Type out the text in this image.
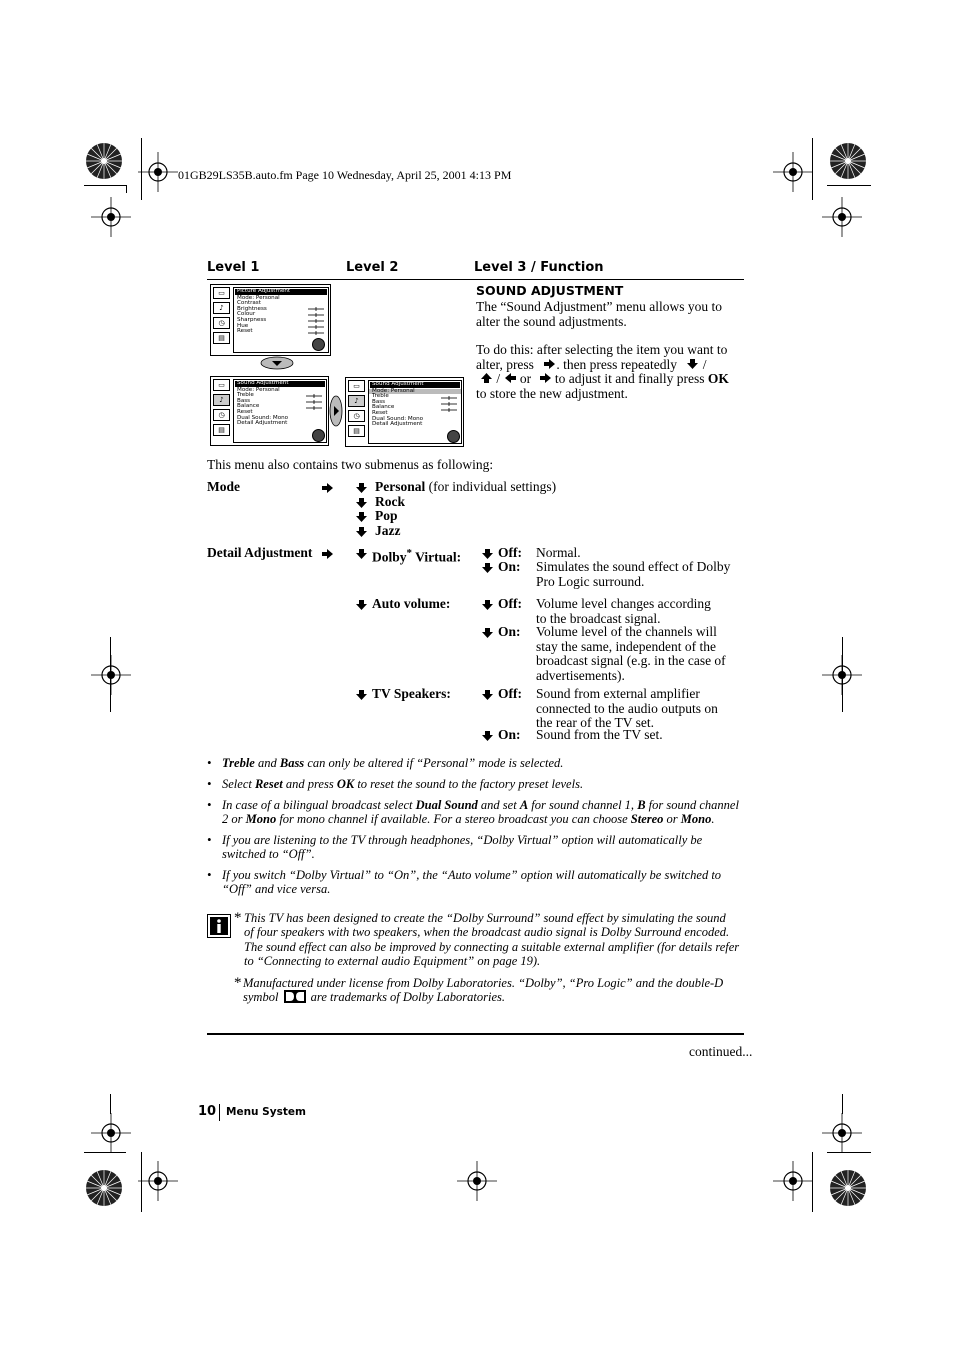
01GB29LS35B.auto.fm Page 10 Wednesday, April 25, 2001 4:13 PM
Level 1	Level 2	Level 3 / Function
▭
♪
◷
▤
Picture Adjustment
Mode: Personal
Contrast
Brightness
Colour
Sharpness
Hue
Reset
▭
♪
◷
▤
Sound Adjustment
Mode: Personal
Treble
Bass
Balance
Reset
Dual Sound: Mono
Detail Adjustment
▭
♪
◷
▤
Sound Adjustment
Mode: Personal
Treble
Bass
Balance
Reset
Dual Sound: Mono
Detail Adjustment
SOUND ADJUSTMENT
The “Sound Adjustment” menu allows you to alter the sound adjustments.
To do this: after selecting the item you want to
alter, press . then press repeatedly /
/ or to adjust it and finally press OK
to store the new adjustment.
This menu also contains two submenus as following:
Mode	Personal (for individual settings)
Rock
Pop
Jazz
Detail Adjustment	Dolby* Virtual:	Off: Normal.
On: Simulates the sound effect of Dolby
Pro Logic surround.
Auto volume:	Off: Volume level changes according
to the broadcast signal.
On: Volume level of the channels will
stay the same, independent of the
broadcast signal (e.g. in the case of
advertisements).
TV Speakers:	Off: Sound from external amplifier
connected to the audio outputs on
the rear of the TV set.
On: Sound from the TV set.
• Treble and Bass can only be altered if “Personal” mode is selected.
• Select Reset and press OK to reset the sound to the factory preset levels.
• In case of a bilingual broadcast select Dual Sound and set A for sound channel 1, B for sound channel
2 or Mono for mono channel if available. For a stereo broadcast you can choose Stereo or Mono.
• If you are listening to the TV through headphones, “Dolby Virtual” option will automatically be
switched to “Off”.
• If you switch “Dolby Virtual” to “On”, the “Auto volume” option will automatically be switched to
“Off” and vice versa.
* This TV has been designed to create the “Dolby Surround” sound effect by simulating the sound
of four speakers with two speakers, when the broadcast audio signal is Dolby Surround encoded.
The sound effect can also be improved by connecting a suitable external amplifier (for details refer
to “Connecting to external audio Equipment” on page 19).
* Manufactured under license from Dolby Laboratories. “Dolby”, “Pro Logic” and the double-D
symbol	are trademarks of Dolby Laboratories.
continued...
10 Menu System
